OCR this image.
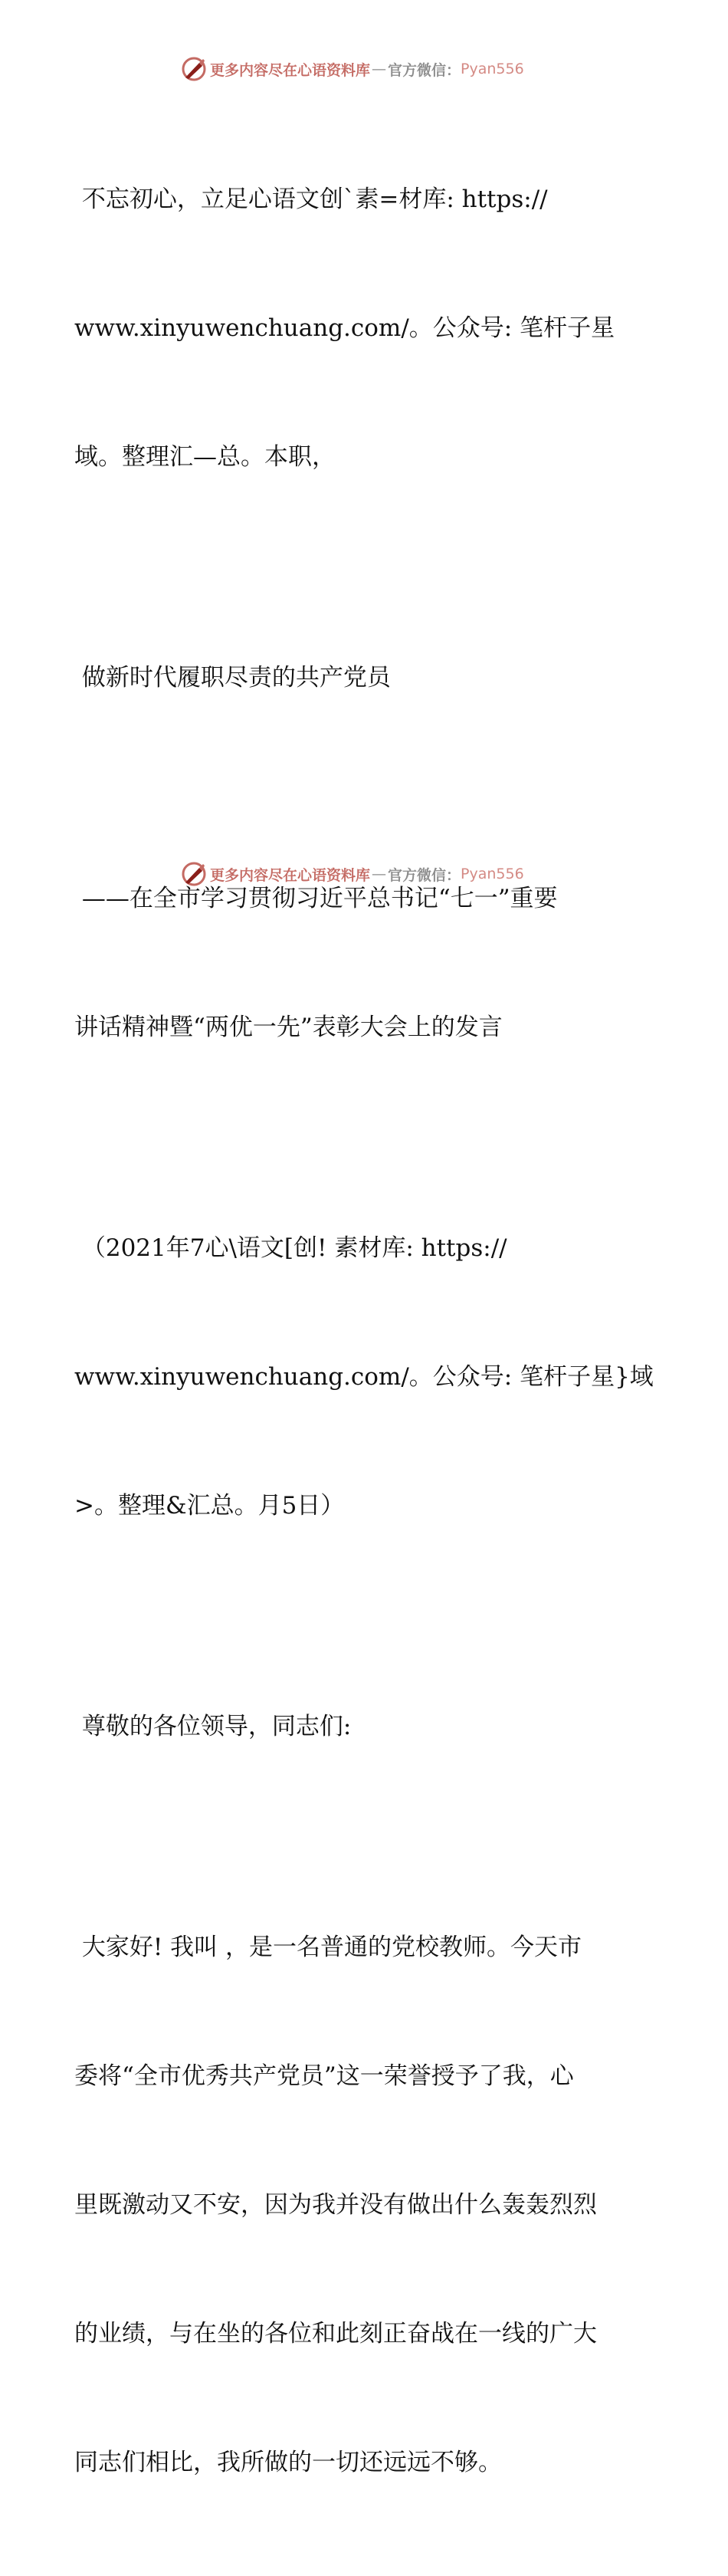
更多内容尽在心语资料库 — 官方微信： Pyan556

不忘初心，立足心语文创`素=材库: https://

www.xinyuwenchuang.com/。公众号: 笔杆子星

域。整理汇—总。本职，

做新时代履职尽责的共产党员

——在全市学习贯彻习近平总书记“七一”重要

讲话精神暨“两优一先”表彰大会上的发言

（2021年7心\语文[创! 素材库: https://

www.xinyuwenchuang.com/。公众号: 笔杆子星}域

>。整理&汇总。月5日）

尊敬的各位领导，同志们:

大家好! 我叫 ，是一名普通的党校教师。今天市

委将“全市优秀共产党员”这一荣誉授予了我，心

里既激动又不安，因为我并没有做出什么轰轰烈烈

的业绩，与在坐的各位和此刻正奋战在一线的广大

同志们相比，我所做的一切还远远不够。

更多内容尽在心语资料库 — 官方微信： Pyan556
